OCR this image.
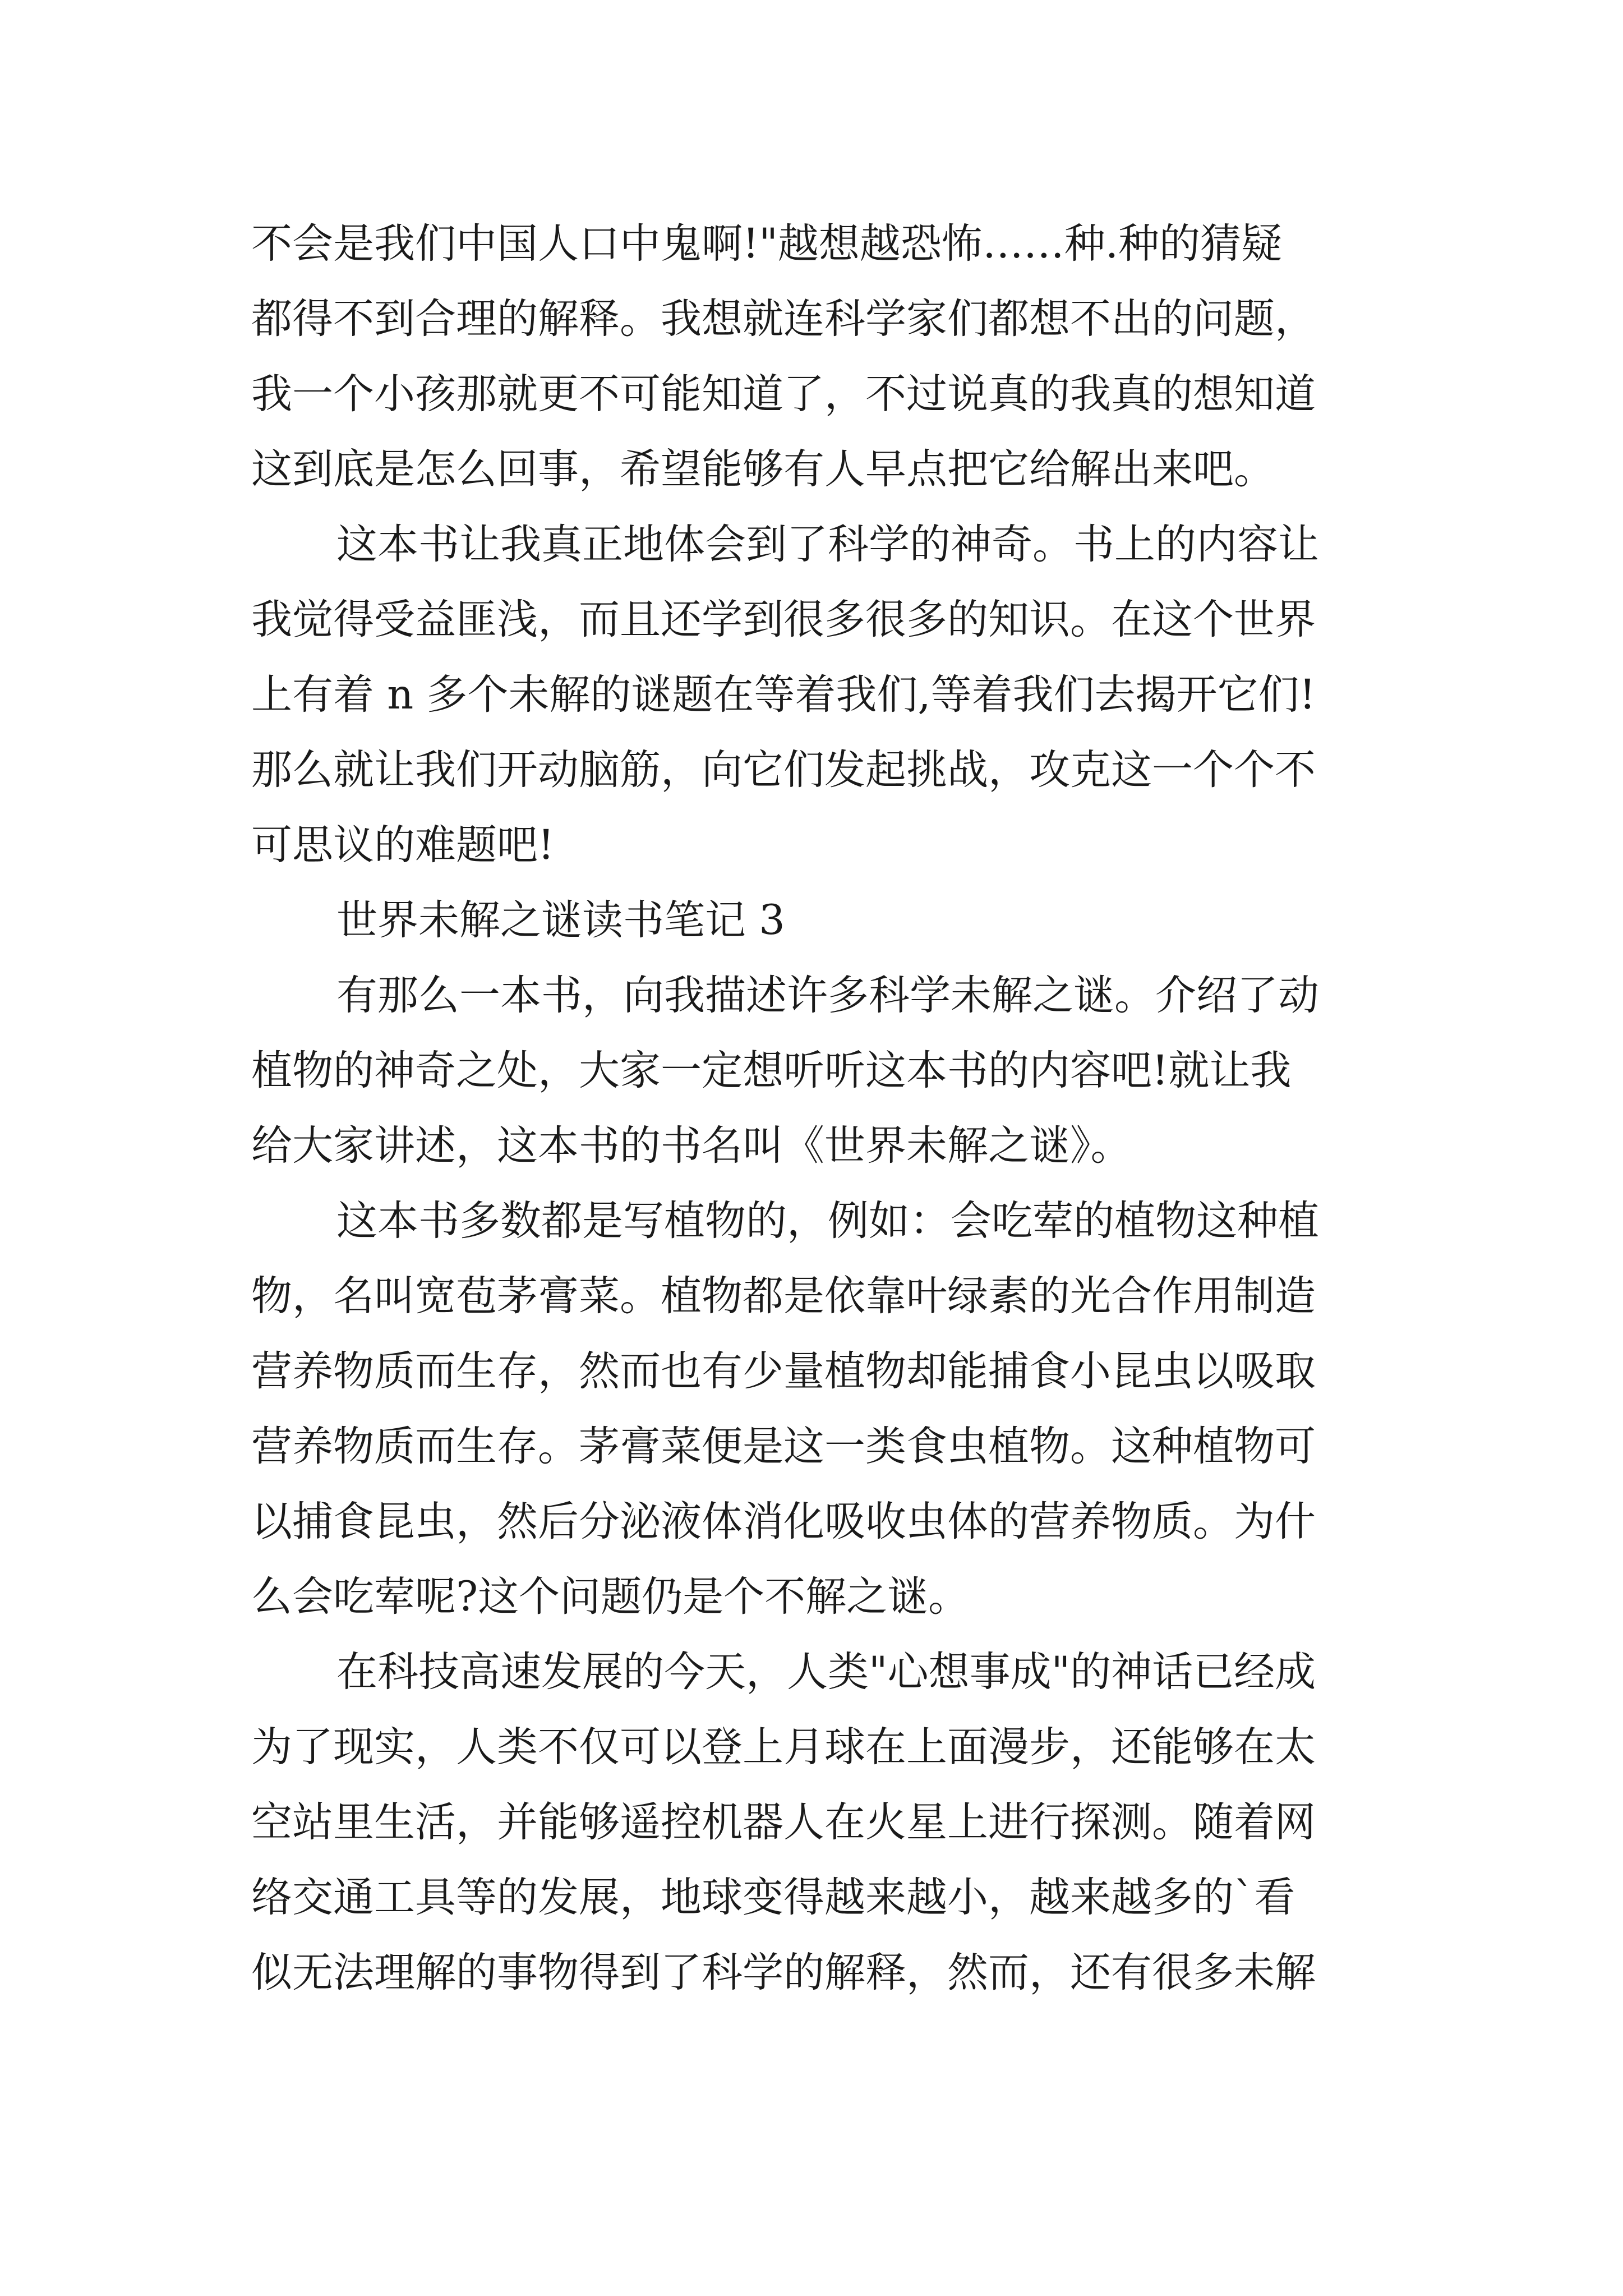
不会是我们中国人口中鬼啊!"越想越恐怖……种.种的猜疑

都得不到合理的解释。我想就连科学家们都想不出的问题，

我一个小孩那就更不可能知道了，不过说真的我真的想知道

这到底是怎么回事，希望能够有人早点把它给解出来吧。

这本书让我真正地体会到了科学的神奇。书上的内容让

我觉得受益匪浅，而且还学到很多很多的知识。在这个世界

上有着 n 多个未解的谜题在等着我们,等着我们去揭开它们!

那么就让我们开动脑筋，向它们发起挑战，攻克这一个个不

可思议的难题吧!

世界未解之谜读书笔记 3

有那么一本书，向我描述许多科学未解之谜。介绍了动

植物的神奇之处，大家一定想听听这本书的内容吧!就让我

给大家讲述，这本书的书名叫《世界未解之谜》。

这本书多数都是写植物的，例如：会吃荤的植物这种植

物，名叫宽苞茅膏菜。植物都是依靠叶绿素的光合作用制造

营养物质而生存，然而也有少量植物却能捕食小昆虫以吸取

营养物质而生存。茅膏菜便是这一类食虫植物。这种植物可

以捕食昆虫，然后分泌液体消化吸收虫体的营养物质。为什

么会吃荤呢?这个问题仍是个不解之谜。

在科技高速发展的今天，人类"心想事成"的神话已经成

为了现实，人类不仅可以登上月球在上面漫步，还能够在太

空站里生活，并能够遥控机器人在火星上进行探测。随着网

络交通工具等的发展，地球变得越来越小，越来越多的`看

似无法理解的事物得到了科学的解释，然而，还有很多未解
